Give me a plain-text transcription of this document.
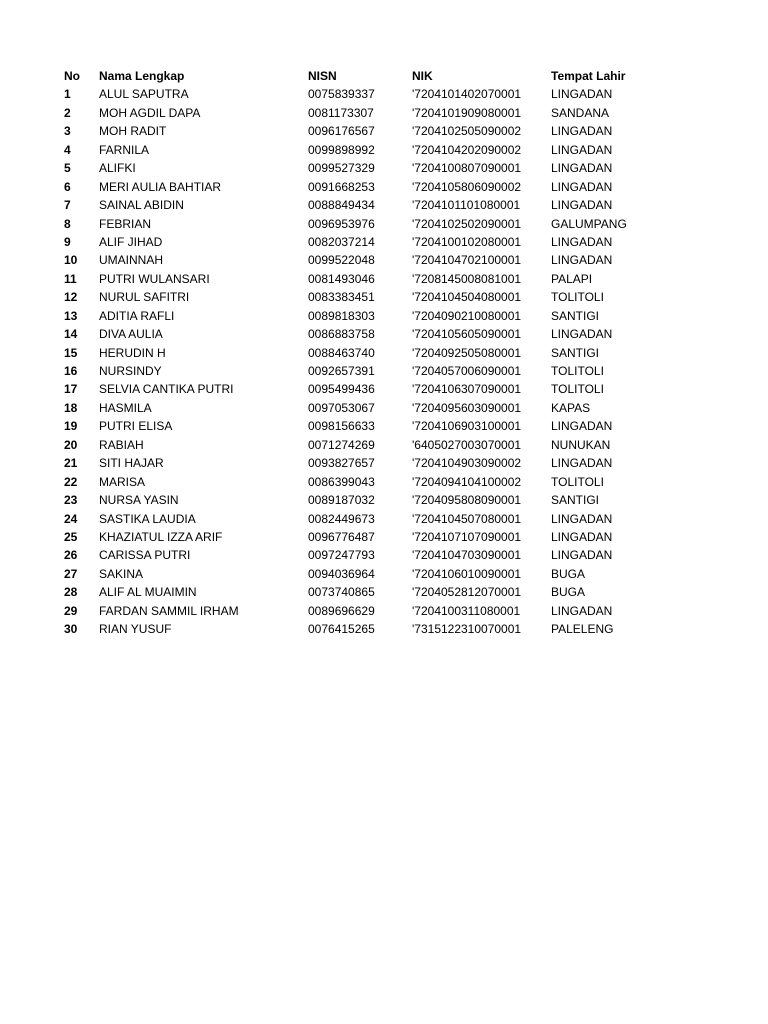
No Nama Lengkap	NISN	NIK	Tempat Lahir
1 ALUL SAPUTRA	0075839337	'7204101402070001 LINGADAN
2 MOH AGDIL DAPA	0081173307	'7204101909080001 SANDANA
3 MOH RADIT	0096176567	'7204102505090002 LINGADAN
4 FARNILA	0099898992	'7204104202090002 LINGADAN
5 ALIFKI	0099527329	'7204100807090001 LINGADAN
6 MERI AULIA BAHTIAR	0091668253	'7204105806090002 LINGADAN
7 SAINAL ABIDIN	0088849434	'7204101101080001	LINGADAN
8 FEBRIAN	0096953976	'7204102502090001 GALUMPANG
9 ALIF JIHAD	0082037214	'7204100102080001 LINGADAN
10 UMAINNAH	0099522048	'7204104702100001 LINGADAN
11 PUTRI WULANSARI	0081493046	'7208145008081001 PALAPI
12 NURUL SAFITRI	0083383451	'7204104504080001 TOLITOLI
13 ADITIA RAFLI	0089818303	'7204090210080001 SANTIGI
14 DIVA AULIA	0086883758	'7204105605090001 LINGADAN
15 HERUDIN H	0088463740	'7204092505080001 SANTIGI
16 NURSINDY	0092657391	'7204057006090001 TOLITOLI
17 SELVIA CANTIKA PUTRI	0095499436	'7204106307090001 TOLITOLI
18 HASMILA	0097053067	'7204095603090001 KAPAS
19 PUTRI ELISA	0098156633	'7204106903100001 LINGADAN
20 RABIAH	0071274269	'6405027003070001 NUNUKAN
21 SITI HAJAR	0093827657	'7204104903090002 LINGADAN
22 MARISA	0086399043	'7204094104100002 TOLITOLI
23 NURSA YASIN	0089187032	'7204095808090001 SANTIGI
24 SASTIKA LAUDIA	0082449673	'7204104507080001 LINGADAN
25 KHAZIATUL IZZA ARIF	0096776487	'7204107107090001 LINGADAN
26 CARISSA PUTRI	0097247793	'7204104703090001 LINGADAN
27 SAKINA	0094036964	'7204106010090001 BUGA
28 ALIF AL MUAIMIN	0073740865	'7204052812070001 BUGA
29 FARDAN SAMMIL IRHAM	0089696629	'7204100311080001	LINGADAN
30 RIAN YUSUF	0076415265	'7315122310070001 PALELENG
